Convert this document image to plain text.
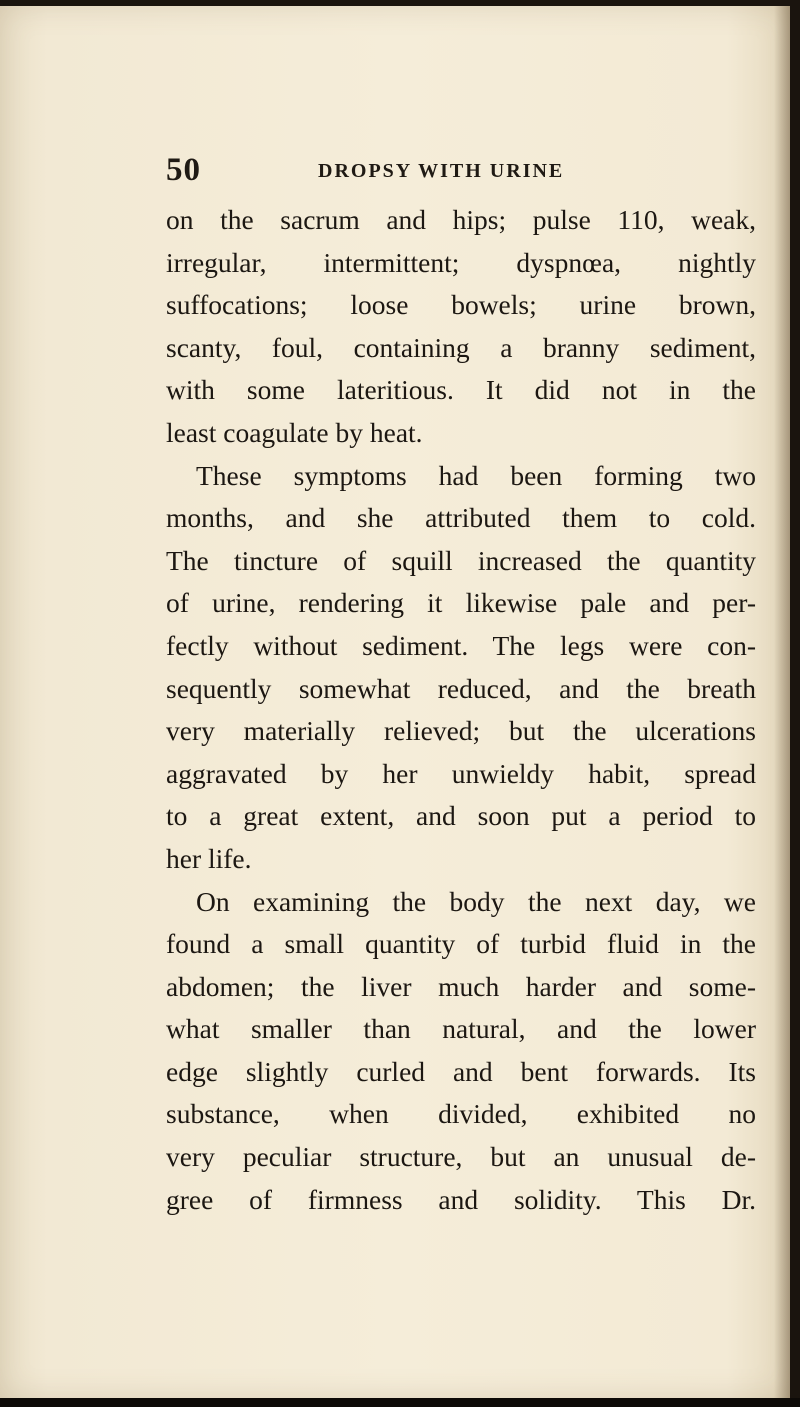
50	DROPSY WITH URINE

on the sacrum and hips; pulse 110, weak,
irregular, intermittent; dyspnœa, nightly
suffocations; loose bowels; urine brown,
scanty, foul, containing a branny sediment,
with some lateritious. It did not in the
least coagulate by heat.

These symptoms had been forming two
months, and she attributed them to cold.
The tincture of squill increased the quantity
of urine, rendering it likewise pale and per-
fectly without sediment. The legs were con-
sequently somewhat reduced, and the breath
very materially relieved; but the ulcerations
aggravated by her unwieldy habit, spread
to a great extent, and soon put a period to
her life.

On examining the body the next day, we
found a small quantity of turbid fluid in the
abdomen; the liver much harder and some-
what smaller than natural, and the lower
edge slightly curled and bent forwards. Its
substance, when divided, exhibited no
very peculiar structure, but an unusual de-
gree of firmness and solidity. This Dr.
